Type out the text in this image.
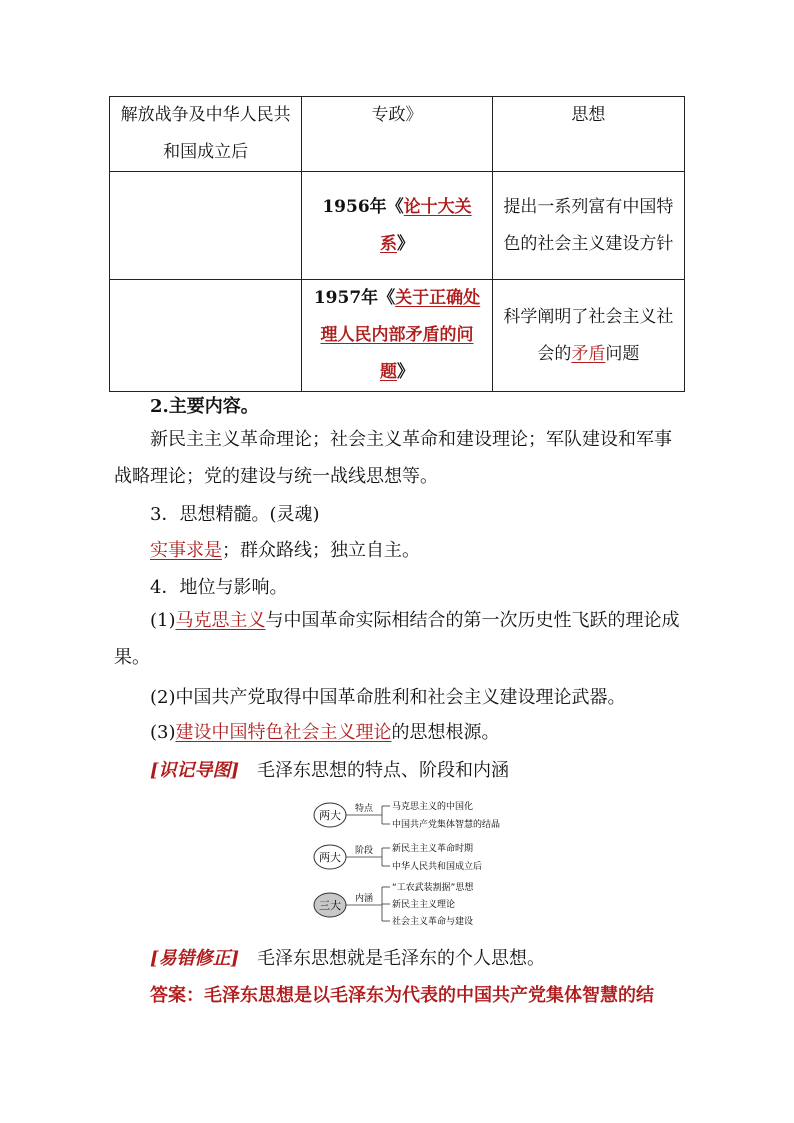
解放战争及中华人民共和国成立后	专政》	思想
	1956年《论十大关系》	提出一系列富有中国特色的社会主义建设方针
	1957年《关于正确处理人民内部矛盾的问题》	科学阐明了社会主义社会的矛盾问题
2.主要内容。
新民主主义革命理论；社会主义革命和建设理论；军队建设和军事战略理论；党的建设与统一战线思想等。
3．思想精髓。(灵魂)
实事求是；群众路线；独立自主。
4．地位与影响。
(1)马克思主义与中国革命实际相结合的第一次历史性飞跃的理论成果。
(2)中国共产党取得中国革命胜利和社会主义建设理论武器。
(3)建设中国特色社会主义理论的思想根源。
[识记导图] 毛泽东思想的特点、阶段和内涵
两大 特点 马克思主义的中国化
中国共产党集体智慧的结晶
两大 阶段 新民主主义革命时期
中华人民共和国成立后
三大 内涵
“工农武装割据”思想
新民主主义理论
社会主义革命与建设
[易错修正] 毛泽东思想就是毛泽东的个人思想。
答案：毛泽东思想是以毛泽东为代表的中国共产党集体智慧的结
